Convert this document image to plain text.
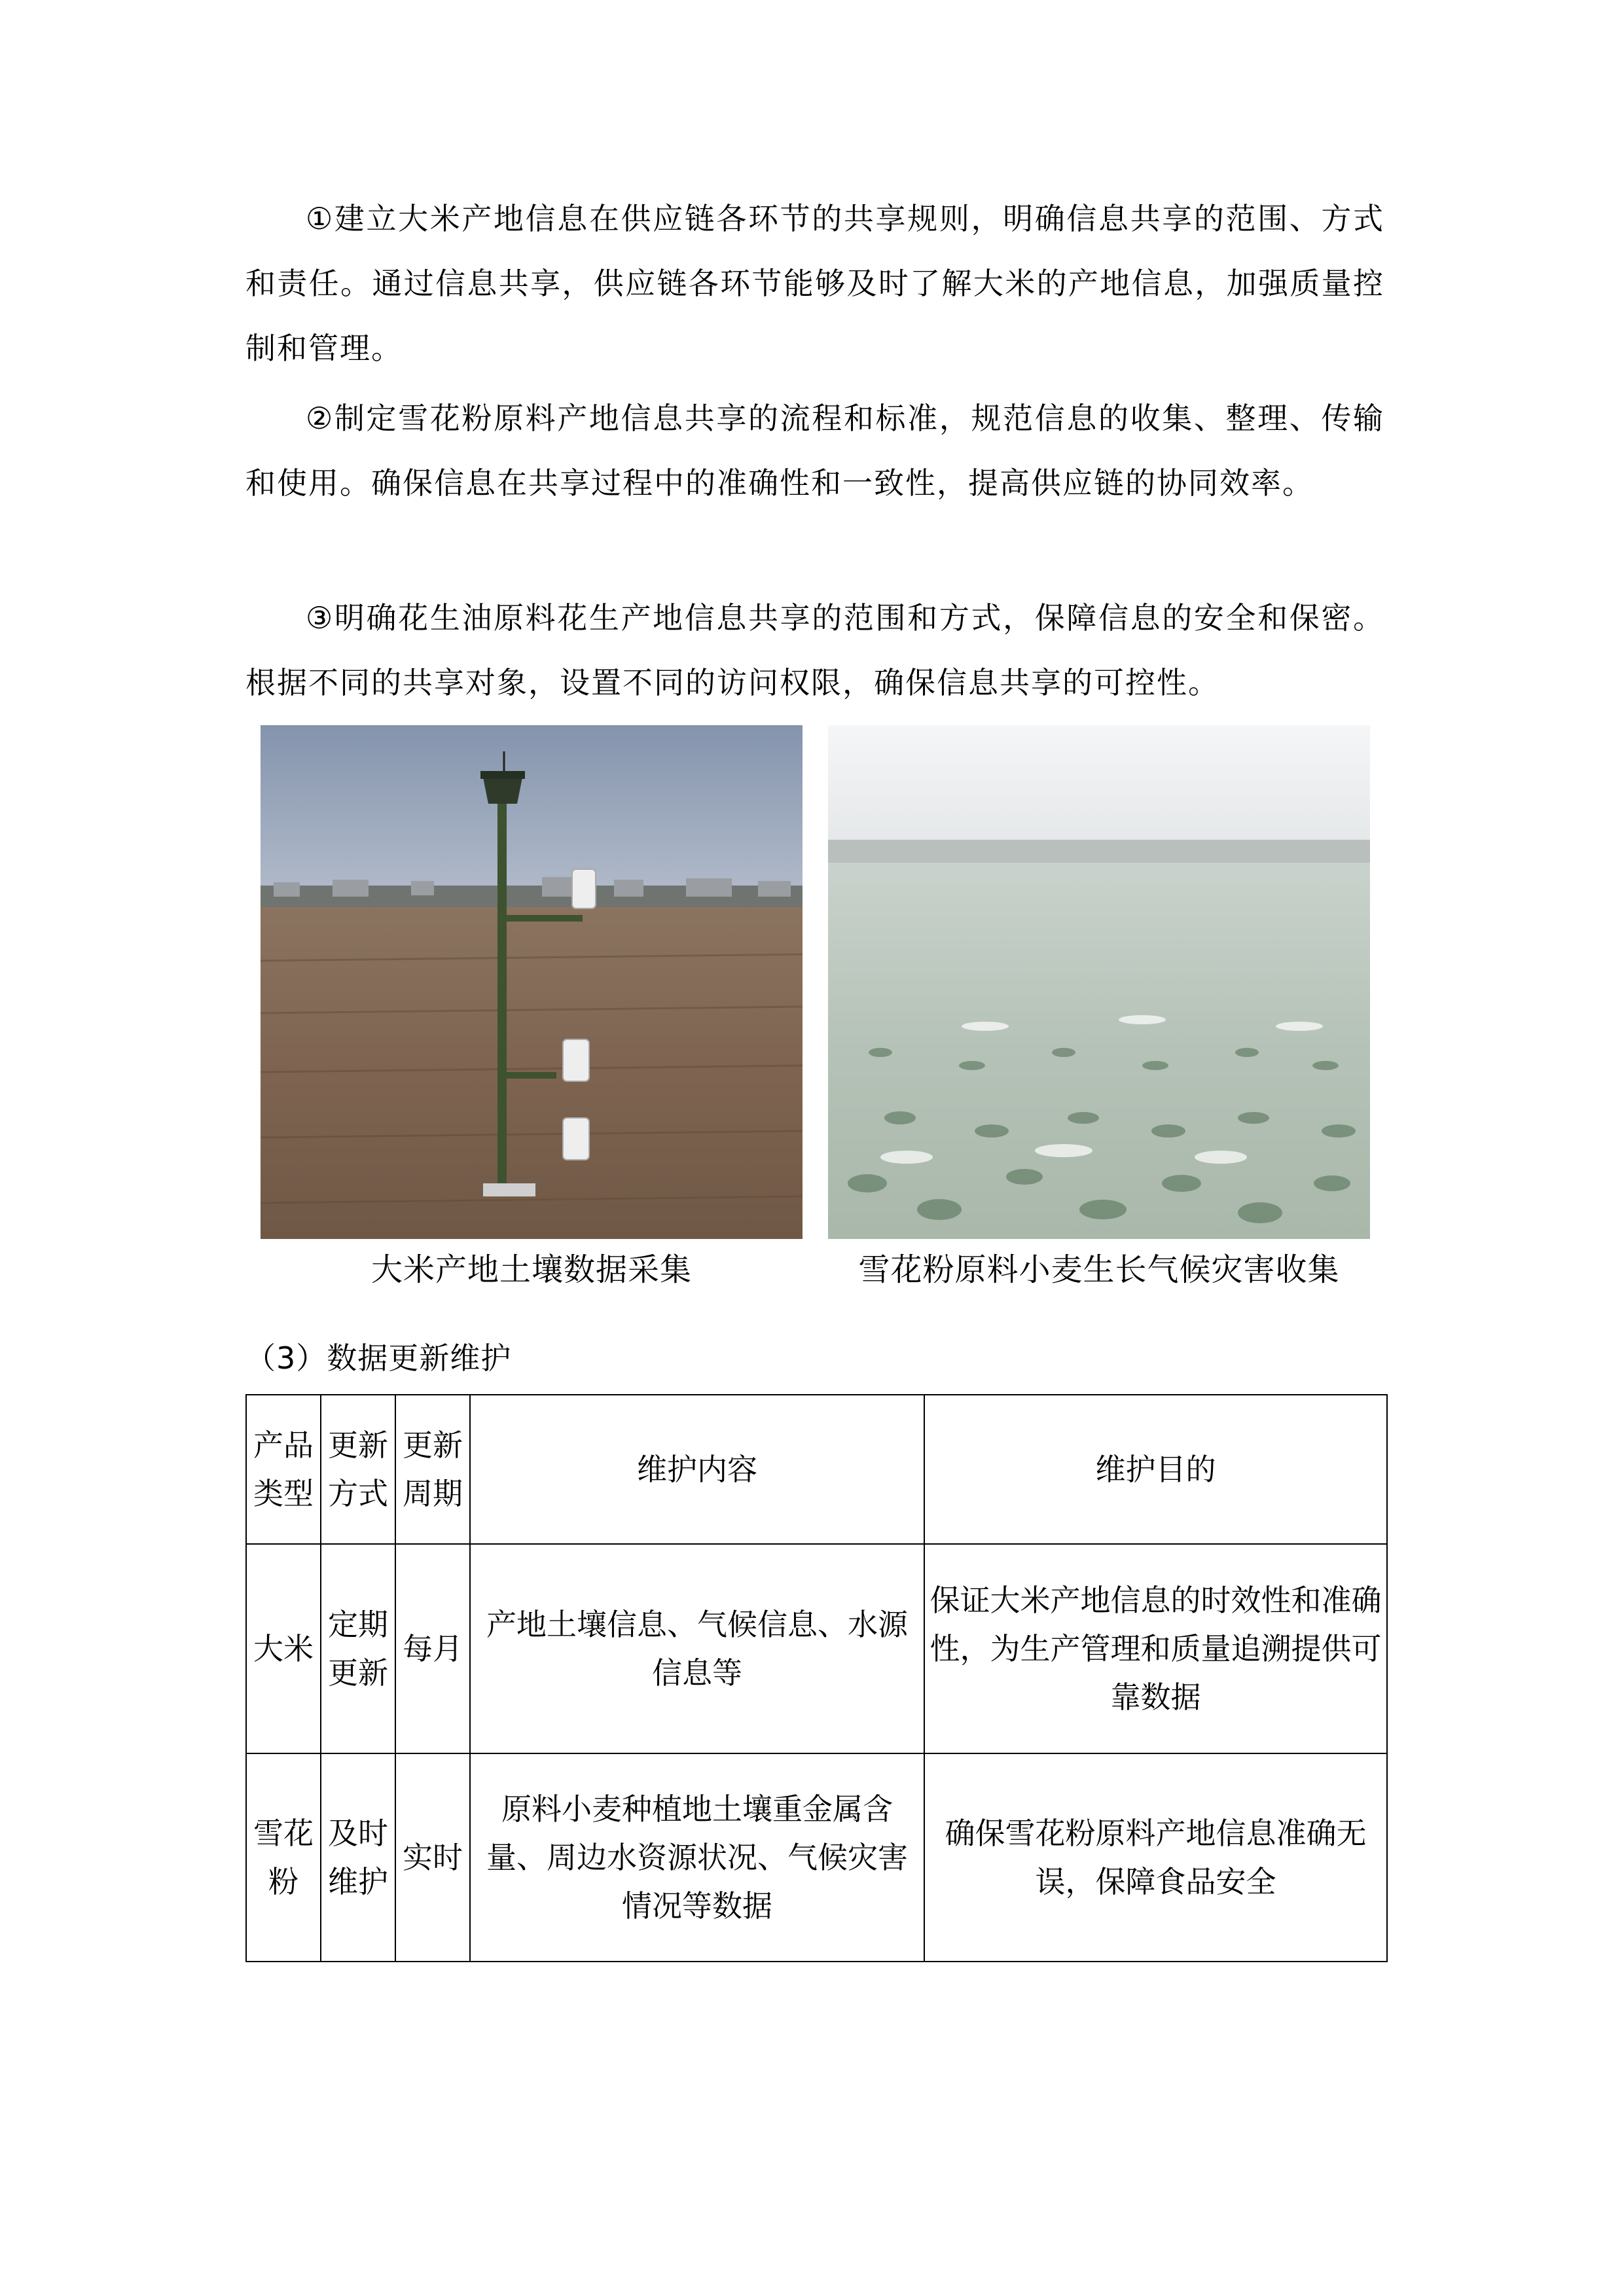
①建立大米产地信息在供应链各环节的共享规则，明确信息共享的范围、方式和责任。通过信息共享，供应链各环节能够及时了解大米的产地信息，加强质量控制和管理。

②制定雪花粉原料产地信息共享的流程和标准，规范信息的收集、整理、传输和使用。确保信息在共享过程中的准确性和一致性，提高供应链的协同效率。

③明确花生油原料花生产地信息共享的范围和方式，保障信息的安全和保密。根据不同的共享对象，设置不同的访问权限，确保信息共享的可控性。

大米产地土壤数据采集	雪花粉原料小麦生长气候灾害收集
（3）数据更新维护
产品类型	更新方式	更新周期	维护内容	维护目的
大米	定期更新	每月	产地土壤信息、气候信息、水源信息等	保证大米产地信息的时效性和准确性，为生产管理和质量追溯提供可靠数据
雪花粉	及时维护	实时	原料小麦种植地土壤重金属含量、周边水资源状况、气候灾害情况等数据	确保雪花粉原料产地信息准确无误，保障食品安全
